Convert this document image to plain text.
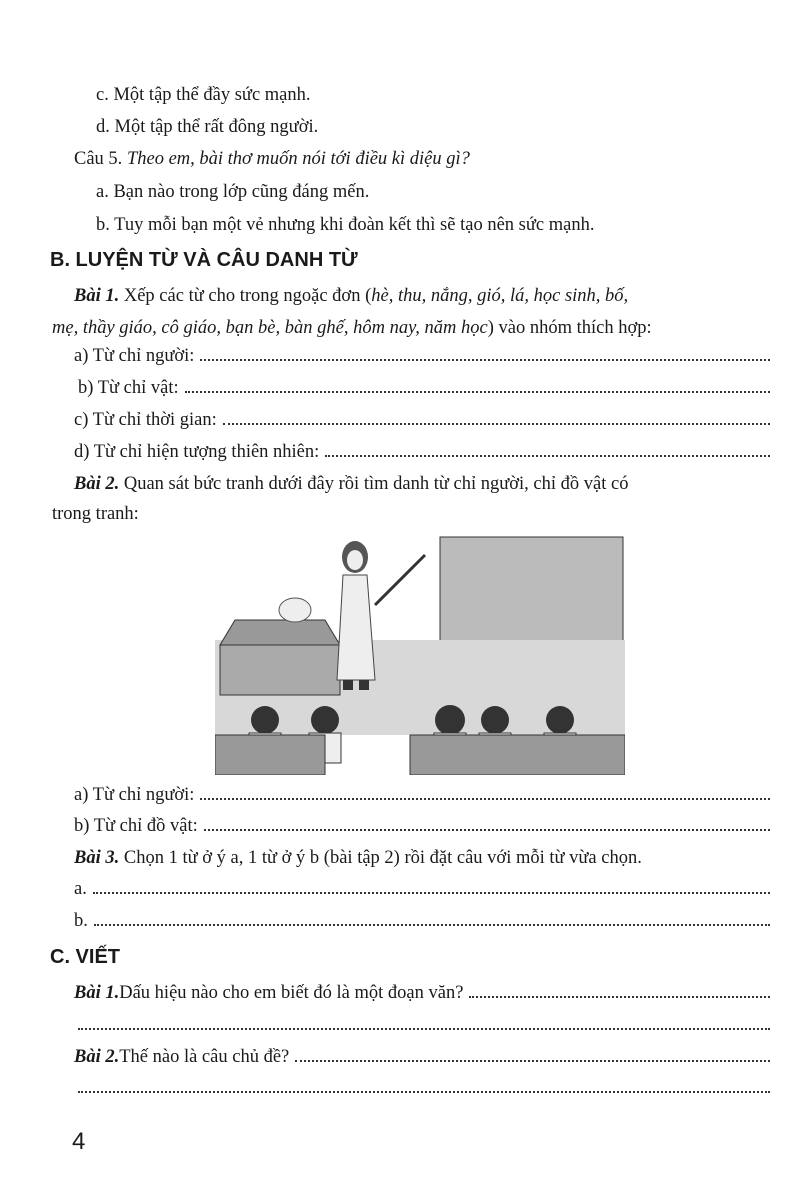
c. Một tập thể đầy sức mạnh.
d. Một tập thể rất đông người.
Câu 5. Theo em, bài thơ muốn nói tới điều kì diệu gì?
a. Bạn nào trong lớp cũng đáng mến.
b. Tuy mỗi bạn một vẻ nhưng khi đoàn kết thì sẽ tạo nên sức mạnh.
B. LUYỆN TỪ VÀ CÂU DANH TỪ
Bài 1. Xếp các từ cho trong ngoặc đơn (hè, thu, nắng, gió, lá, học sinh, bố,
mẹ, thầy giáo, cô giáo, bạn bè, bàn ghế, hôm nay, năm học) vào nhóm thích hợp:
a) Từ chỉ người:
b) Từ chỉ vật:
c) Từ chỉ thời gian:
d) Từ chỉ hiện tượng thiên nhiên:
Bài 2. Quan sát bức tranh dưới đây rồi tìm danh từ chỉ người, chỉ đồ vật có
trong tranh:
a) Từ chỉ người:
b) Từ chỉ đồ vật:
Bài 3. Chọn 1 từ ở ý a, 1 từ ở ý b (bài tập 2) rồi đặt câu với mỗi từ vừa chọn.
a.
b.
C. VIẾT
Bài 1. Dấu hiệu nào cho em biết đó là một đoạn văn?
Bài 2. Thế nào là câu chủ đề?
4
